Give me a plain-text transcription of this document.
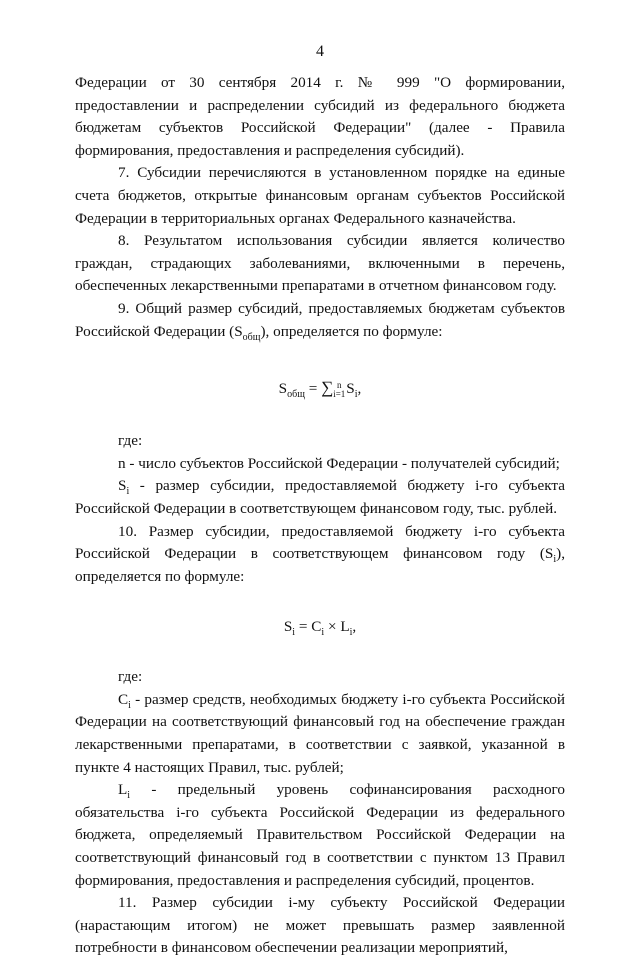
4

Федерации от 30 сентября 2014 г. № 999 "О формировании, предоставлении и распределении субсидий из федерального бюджета бюджетам субъектов Российской Федерации" (далее - Правила формирования, предоставления и распределения субсидий).

7. Субсидии перечисляются в установленном порядке на единые счета бюджетов, открытые финансовым органам субъектов Российской Федерации в территориальных органах Федерального казначейства.

8. Результатом использования субсидии является количество граждан, страдающих заболеваниями, включенными в перечень, обеспеченных лекарственными препаратами в отчетном финансовом году.

9. Общий размер субсидий, предоставляемых бюджетам субъектов Российской Федерации $(S_{общ})$, определяется по формуле:

$S_{общ}$ = ∑ n
i=1 $S_i$,

где:

n - число субъектов Российской Федерации - получателей субсидий;

$S_i$ - размер субсидии, предоставляемой бюджету i-го субъекта Российской Федерации в соответствующем финансовом году, тыс. рублей.

10. Размер субсидии, предоставляемой бюджету i-го субъекта Российской Федерации в соответствующем финансовом году $(S_i)$, определяется по формуле:

$S_i = C_i \times L_i$,

где:

$C_i$ - размер средств, необходимых бюджету i-го субъекта Российской Федерации на соответствующий финансовый год на обеспечение граждан лекарственными препаратами, в соответствии с заявкой, указанной в пункте 4 настоящих Правил, тыс. рублей;

$L_i$ - предельный уровень софинансирования расходного обязательства i-го субъекта Российской Федерации из федерального бюджета, определяемый Правительством Российской Федерации на соответствующий финансовый год в соответствии с пунктом 13 Правил формирования, предоставления и распределения субсидий, процентов.

11. Размер субсидии i-му субъекту Российской Федерации (нарастающим итогом) не может превышать размер заявленной потребности в финансовом обеспечении реализации мероприятий,
